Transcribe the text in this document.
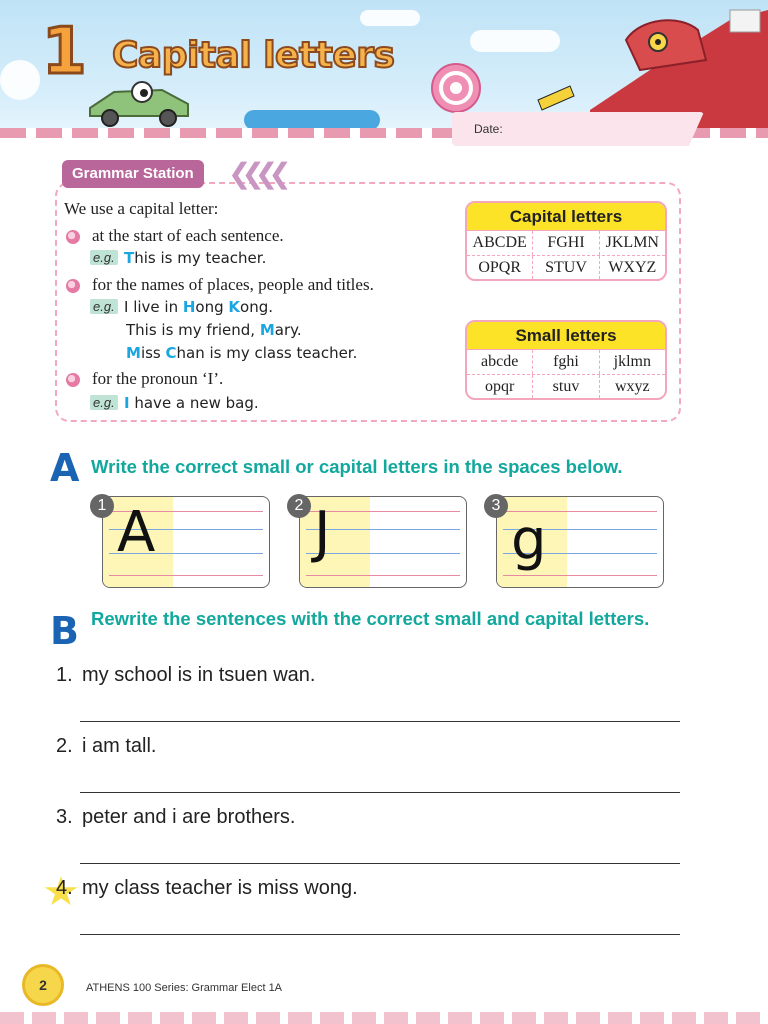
1 Capital letters
Date:
Grammar Station	❮❮❮❮
We use a capital letter:
at the start of each sentence.
e.g. This is my teacher.
for the names of places, people and titles.
e.g. I live in Hong Kong.
This is my friend, Mary.
Miss Chan is my class teacher.
for the pronoun ‘I’.
e.g. I have a new bag.
Capital letters
ABCDE	FGHI	JKLMN
OPQR	STUV	WXYZ
Small letters
abcde	fghi	jklmn
opqr	stuv	wxyz
A Write the correct small or capital letters in the spaces below.
A
1	J
2
g
3
B Rewrite the sentences with the correct small and capital letters.
1. my school is in tsuen wan.
2. i am tall.
3. peter and i are brothers.
4. my class teacher is miss wong.
2	ATHENS 100 Series: Grammar Elect 1A
